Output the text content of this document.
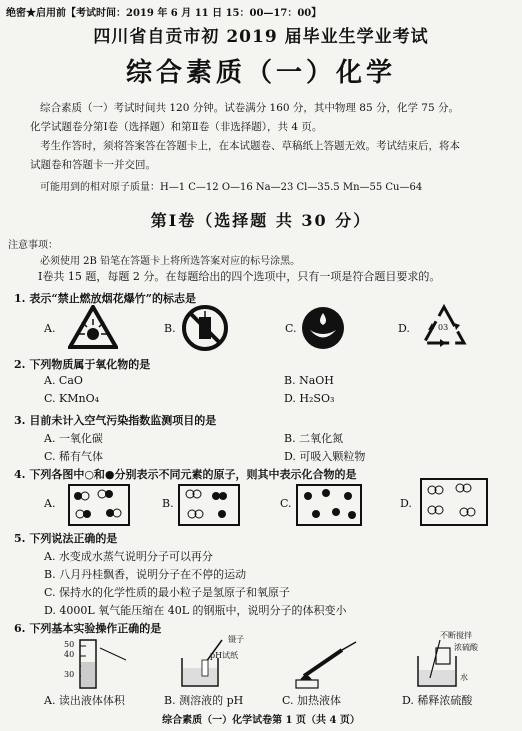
绝密★启用前【考试时间：2019 年 6 月 11 日 15：00—17：00】
四川省自贡市初 2019 届毕业生学业考试
综合素质（一）化学
综合素质（一）考试时间共 120 分钟。试卷满分 160 分，其中物理 85 分，化学 75 分。
化学试题卷分第Ⅰ卷（选择题）和第Ⅱ卷（非选择题），共 4 页。
考生作答时，须将答案答在答题卡上，在本试题卷、草稿纸上答题无效。考试结束后，将本
试题卷和答题卡一并交回。
可能用到的相对原子质量：H—1 C—12 O—16 Na—23 Cl—35.5 Mn—55 Cu—64
第Ⅰ卷（选择题 共 30 分）
注意事项：
必须使用 2B 铅笔在答题卡上将所选答案对应的标号涂黑。
Ⅰ卷共 15 题，每题 2 分。在每题给出的四个选项中，只有一项是符合题目要求的。
1. 表示“禁止燃放烟花爆竹”的标志是
A.	B.	C.	D.	03
2. 下列物质属于氧化物的是
A. CaO	B. NaOH
C. KMnO₄	D. H₂SO₃
3. 目前未计入空气污染指数监测项目的是
A. 一氧化碳	B. 二氧化氮
C. 稀有气体	D. 可吸入颗粒物
4. 下列各图中○和●分别表示不同元素的原子，则其中表示化合物的是
A.	B.	C.	D.
5. 下列说法正确的是
A. 水变成水蒸气说明分子可以再分
B. 八月丹桂飘香，说明分子在不停的运动
C. 保持水的化学性质的最小粒子是氢原子和氧原子
D. 4000L 氧气能压缩在 40L 的钢瓶中，说明分子的体积变小
6. 下列基本实验操作正确的是
50
40
30
A. 读出液体体积
镊子
pH试纸
B. 测溶液的 pH	C. 加热液体
不断搅拌
浓硫酸
水
D. 稀释浓硫酸
综合素质（一）化学试卷第 1 页（共 4 页）
